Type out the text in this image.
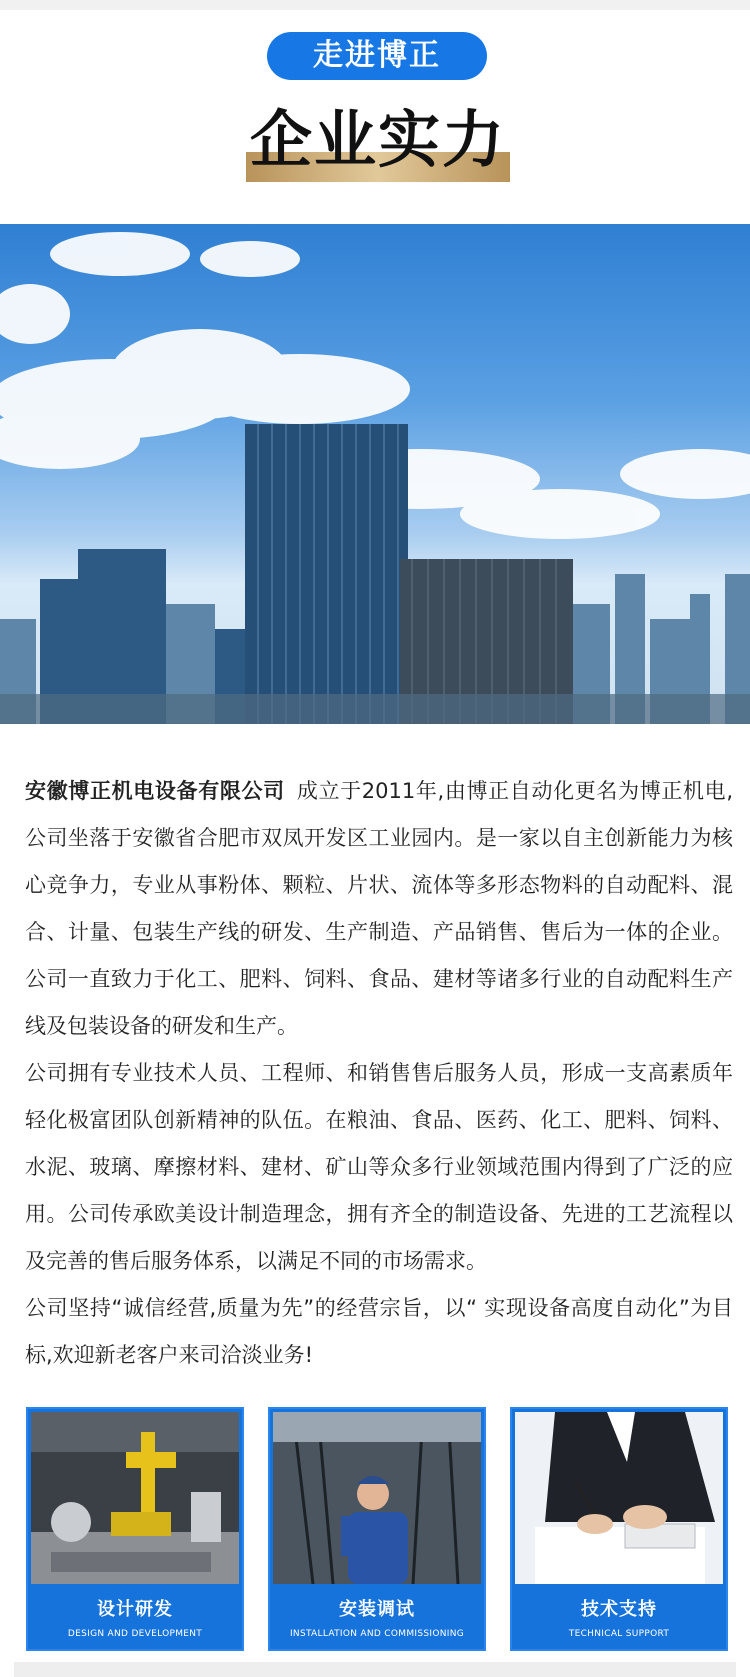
走进博正
企业实力

安徽博正机电设备有限公司 成立于2011年,由博正自动化更名为博正机电,公司坐落于安徽省合肥市双凤开发区工业园内。是一家以自主创新能力为核心竞争力，专业从事粉体、颗粒、片状、流体等多形态物料的自动配料、混合、计量、包装生产线的研发、生产制造、产品销售、售后为一体的企业。公司一直致力于化工、肥料、饲料、食品、建材等诸多行业的自动配料生产线及包装设备的研发和生产。

公司拥有专业技术人员、工程师、和销售售后服务人员，形成一支高素质年轻化极富团队创新精神的队伍。在粮油、食品、医药、化工、肥料、饲料、水泥、玻璃、摩擦材料、建材、矿山等众多行业领域范围内得到了广泛的应用。公司传承欧美设计制造理念，拥有齐全的制造设备、先进的工艺流程以及完善的售后服务体系，以满足不同的市场需求。

公司坚持“诚信经营,质量为先”的经营宗旨，以“ 实现设备高度自动化”为目标,欢迎新老客户来司洽淡业务!

设计研发
DESIGN AND DEVELOPMENT
安装调试
INSTALLATION AND COMMISSIONING
技术支持
TECHNICAL SUPPORT
